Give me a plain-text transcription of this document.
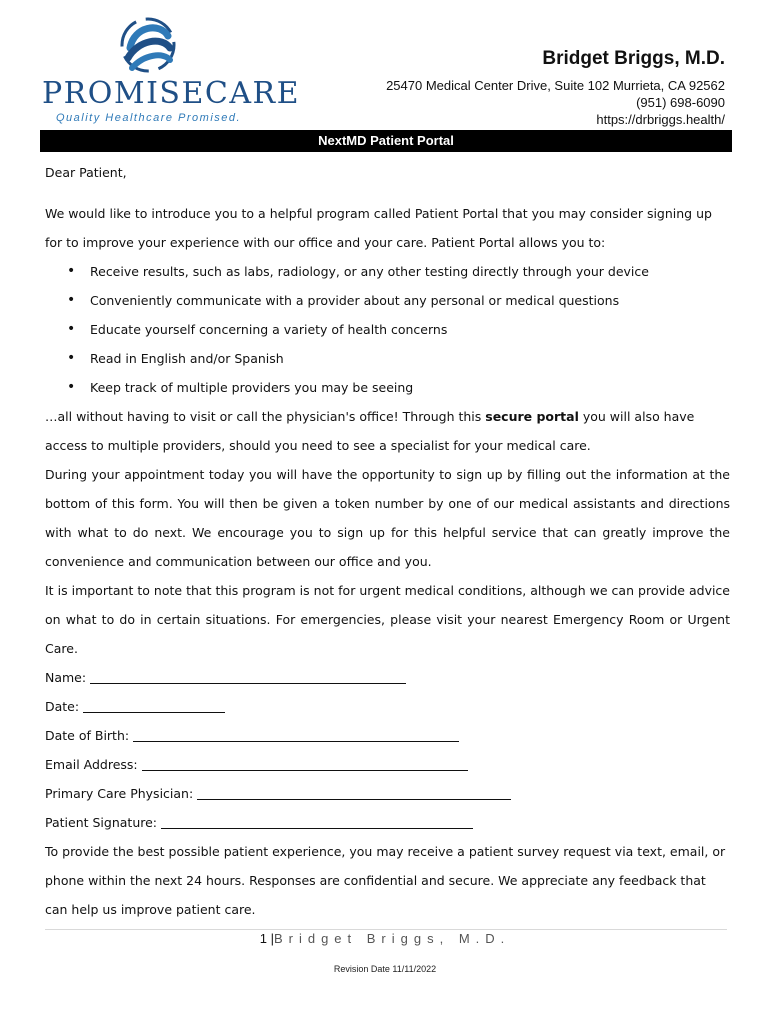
PROMISECARE
Quality Healthcare Promised.
Bridget Briggs, M.D.
25470 Medical Center Drive, Suite 102 Murrieta, CA 92562
(951) 698-6090
https://drbriggs.health/
NextMD Patient Portal

Dear Patient,

We would like to introduce you to a helpful program called Patient Portal that you may consider signing up for to improve your experience with our office and your care. Patient Portal allows you to:

• Receive results, such as labs, radiology, or any other testing directly through your device
• Conveniently communicate with a provider about any personal or medical questions
• Educate yourself concerning a variety of health concerns
• Read in English and/or Spanish
• Keep track of multiple providers you may be seeing

…all without having to visit or call the physician's office! Through this secure portal you will also have access to multiple providers, should you need to see a specialist for your medical care.

During your appointment today you will have the opportunity to sign up by filling out the information at the bottom of this form. You will then be given a token number by one of our medical assistants and directions with what to do next. We encourage you to sign up for this helpful service that can greatly improve the convenience and communication between our office and you.

It is important to note that this program is not for urgent medical conditions, although we can provide advice on what to do in certain situations. For emergencies, please visit your nearest Emergency Room or Urgent Care.

Name:
Date:
Date of Birth:
Email Address:
Primary Care Physician:
Patient Signature:

To provide the best possible patient experience, you may receive a patient survey request via text, email, or phone within the next 24 hours. Responses are confidential and secure. We appreciate any feedback that can help us improve patient care.

1 |Bridget Briggs, M.D.
Revision Date 11/11/2022
